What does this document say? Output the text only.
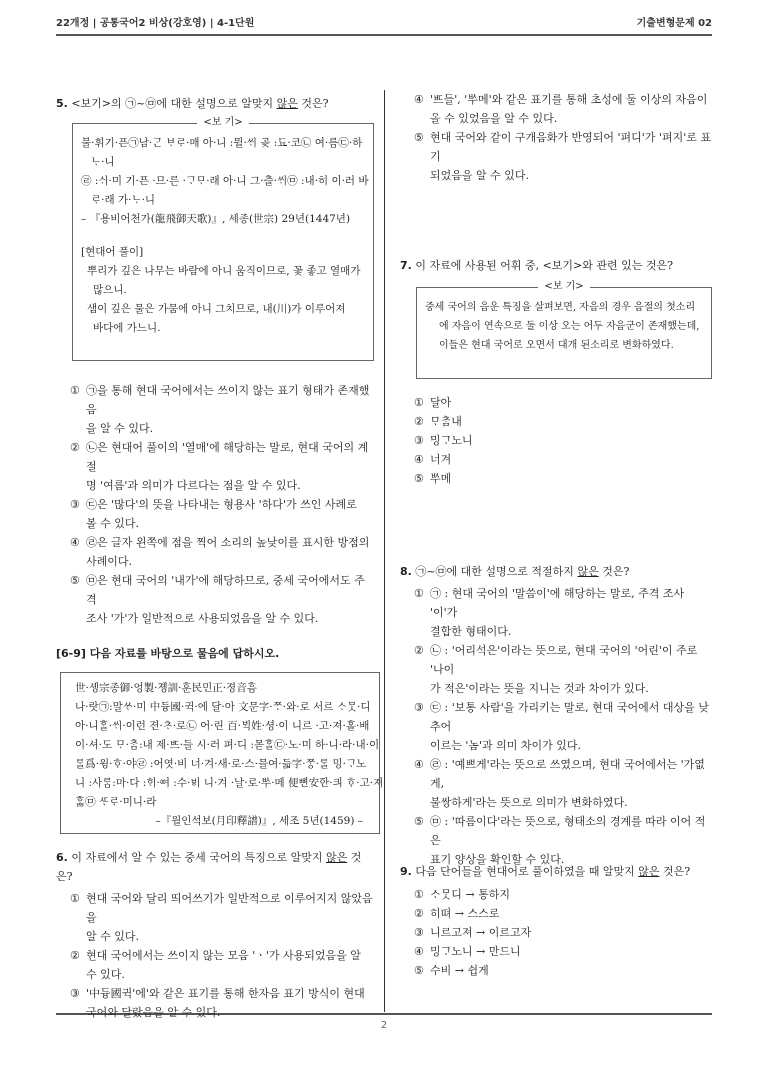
22개정 | 공통국어2 비상(강호영) | 4-1단원	기출변형문제 02
2

5. <보기>의 ㉠~㉤에 대한 설명으로 알맞지 않은 것은?

<보 기>
불·휘기·픈㉠남·ᄀᆞᆫ ᄇᆞᄅᆞ·매 아·니 :뮐·ᄊᆡ 곶 :됴·코㉡ 여·름㉢·하
ᄂᆞ·니
㉣ :ᄉᆡ·미 기·픈 ·므·른 ·ᄀᆞᄆᆞ·래 아·니 그·츨·ᄊᆡ㉤ :내·히 이·러 바
ᄅᆞ·래 가·ᄂᆞ·니
– 『용비어천가(龍飛御天歌)』, 세종(世宗) 29년(1447년)
[현대어 풀이]
뿌리가 깊은 나무는 바람에 아니 움직이므로, 꽃 좋고 열매가
많으니.
샘이 깊은 물은 가뭄에 아니 그치므로, 내(川)가 이루어져
바다에 가느니.
① ㉠을 통해 현대 국어에서는 쓰이지 않는 표기 형태가 존재했음
을 알 수 있다.
② ㉡은 현대어 풀이의 '열매'에 해당하는 말로, 현대 국어의 계절
명 '여름'과 의미가 다르다는 점을 알 수 있다.
③ ㉢은 '많다'의 뜻을 나타내는 형용사 '하다'가 쓰인 사례로
볼 수 있다.
④ ㉣은 글자 왼쪽에 점을 찍어 소리의 높낮이를 표시한 방점의
사례이다.
⑤ ㉤은 현대 국어의 '내가'에 해당하므로, 중세 국어에서도 주격
조사 '가'가 일반적으로 사용되었음을 알 수 있다.
[6-9] 다음 자료를 바탕으로 물음에 답하시오.
世·솅宗종御·엉製·졩訓·훈民민正·졍音흠
나·랏㉠:말ᄊᆞ·미 中듕國·귁·에 달·아 文문字·ᄍᆞ·와·로 서르 ᄉᆞᄆᆞᆺ·디
아·니ᄒᆞᆯ·ᄊᆡ·이런 젼·ᄎᆞ·로㉡ 어·린 百·ᄇᆡᆨ姓·셩·이 니르 ·고·져·홀·배
이·셔·도 ᄆᆞ·ᄎᆞᆷ:내 제·ᄠᅳ·들 시·러 펴·디 :몯ᄒᆞᆯ㉢·노·미 하·니·라·내·이
ᄅᆞᆯ爲·윙·ᄒᆞ·야㉣ :어엿·비 너·겨·새·로·스·믈여·듧字·ᄍᆞᆼ·ᄅᆞᆯ 밍·ᄀᆞ노
니 :사ᄅᆞᆷ:마·다 :ᄒᆡ·ᅇᅧ :수·ᄫᅵ 니·겨 ·날·로·ᄡᅮ·메 便뼌安ᅙᅡᆫ·킈 ᄒᆞ·고·져
ᄒᆞᇙ㉤ ᄯᆞᄅᆞ·미니·라
–『월인석보(月印釋譜)』, 세조 5년(1459) –

6. 이 자료에서 알 수 있는 중세 국어의 특징으로 알맞지 않은 것은?

① 현대 국어와 달리 띄어쓰기가 일반적으로 이루어지지 않았음을
알 수 있다.
② 현대 국어에서는 쓰이지 않는 모음 'ㆍ'가 사용되었음을 알
수 있다.
③ '中듕國귁'에'와 같은 표기를 통해 한자음 표기 방식이 현대
국어와 달랐음을 알 수 있다.
④ 'ᄠᅳ들', 'ᄡᅮ메'와 같은 표기를 통해 초성에 둘 이상의 자음이
올 수 있었음을 알 수 있다.
⑤ 현대 국어와 같이 구개음화가 반영되어 '펴디'가 '펴지'로 표기
되었음을 알 수 있다.

7. 이 자료에 사용된 어휘 중, <보기>와 관련 있는 것은?

<보 기>
중세 국어의 음운 특징을 살펴보면, 자음의 경우 음절의 첫소리
에 자음이 연속으로 둘 이상 오는 어두 자음군이 존재했는데,
이들은 현대 국어로 오면서 대개 된소리로 변화하였다.
① 달아
② ᄆᆞᄎᆞᆷ내
③ 밍ᄀᆞ노니
④ 너겨
⑤ ᄡᅮ메

8. ㉠~㉤에 대한 설명으로 적절하지 않은 것은?

① ㉠ : 현대 국어의 '말씀이'에 해당하는 말로, 주격 조사 '이'가
결합한 형태이다.
② ㉡ : '어리석은'이라는 뜻으로, 현대 국어의 '어린'이 주로 '나이
가 적은'이라는 뜻을 지니는 것과 차이가 있다.
③ ㉢ : '보통 사람'을 가리키는 말로, 현대 국어에서 대상을 낮추어
이르는 '놈'과 의미 차이가 있다.
④ ㉣ : '예쁘게'라는 뜻으로 쓰였으며, 현대 국어에서는 '가엾게,
불쌍하게'라는 뜻으로 의미가 변화하였다.
⑤ ㉤ : '따름이다'라는 뜻으로, 형태소의 경계를 따라 이어 적은
표기 양상을 확인할 수 있다.

9. 다음 단어들을 현대어로 풀이하였을 때 알맞지 않은 것은?

① ᄉᆞᄆᆞᆺ디 → 통하지
② 히뗘 → 스스로
③ 니르고져 → 이르고자
④ 밍ᄀᆞ노니 → 만드니
⑤ 수비 → 쉽게
